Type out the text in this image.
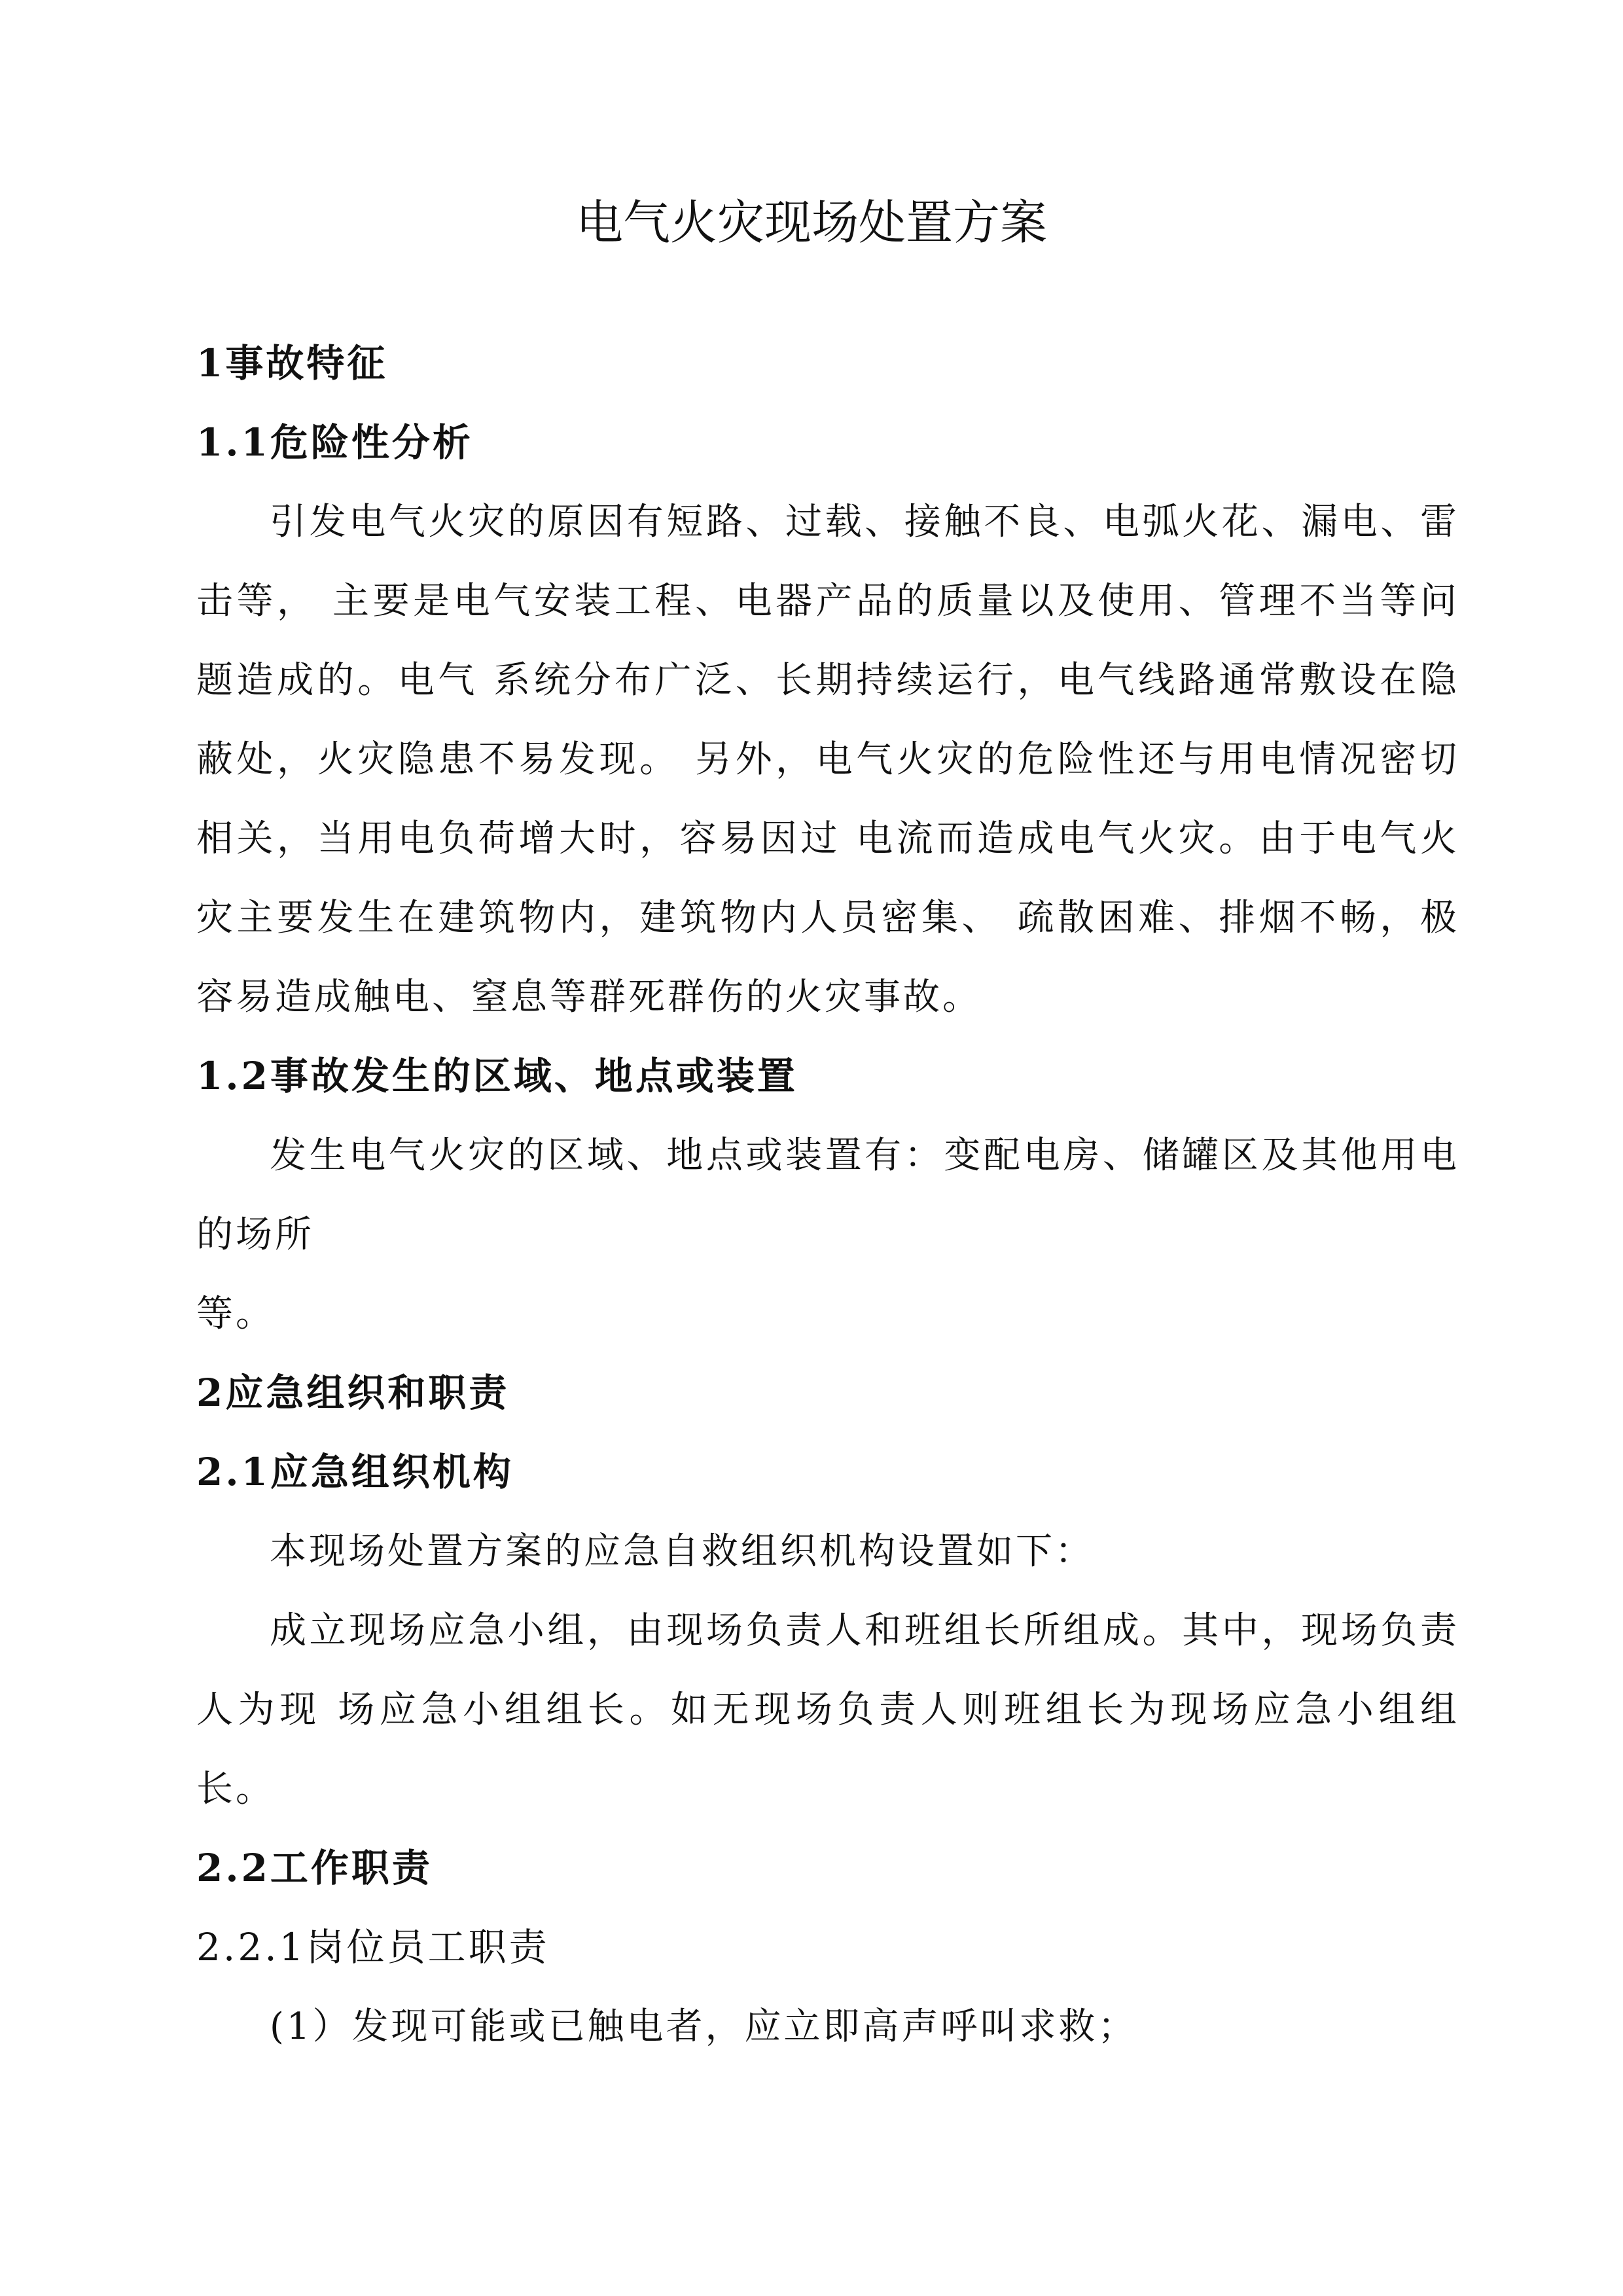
电气火灾现场处置方案

1事故特征

1.1危险性分析

引发电气火灾的原因有短路、过载、接触不良、电弧火花、漏电、雷击等， 主要是电气安装工程、电器产品的质量以及使用、管理不当等问题造成的。电气 系统分布广泛、长期持续运行，电气线路通常敷设在隐蔽处，火灾隐患不易发现。 另外，电气火灾的危险性还与用电情况密切相关，当用电负荷增大时，容易因过 电流而造成电气火灾。由于电气火灾主要发生在建筑物内，建筑物内人员密集、 疏散困难、排烟不畅，极容易造成触电、窒息等群死群伤的火灾事故。

1.2事故发生的区域、地点或装置

发生电气火灾的区域、地点或装置有：变配电房、储罐区及其他用电的场所

等。

2应急组织和职责

2.1应急组织机构

本现场处置方案的应急自救组织机构设置如下：

成立现场应急小组，由现场负责人和班组长所组成。其中，现场负责人为现 场应急小组组长。如无现场负责人则班组长为现场应急小组组长。

2.2工作职责

2.2.1岗位员工职责

(1）发现可能或已触电者，应立即高声呼叫求救；
